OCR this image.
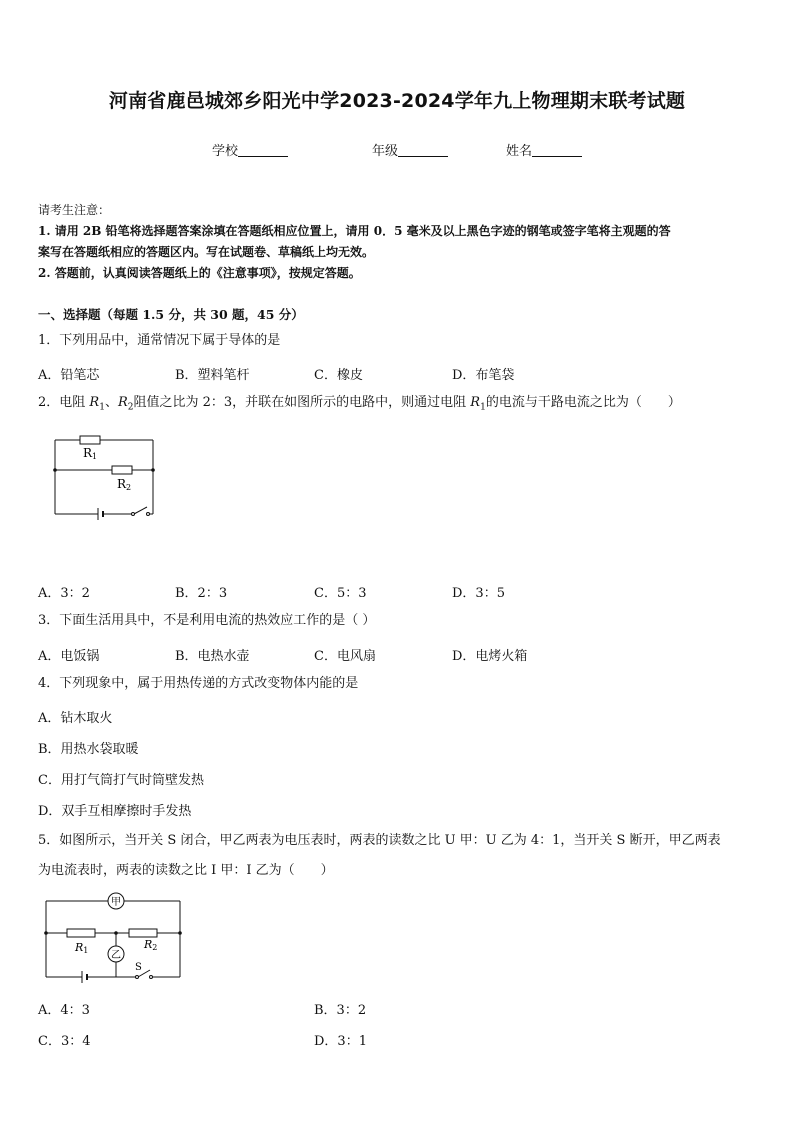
河南省鹿邑城郊乡阳光中学2023-2024学年九上物理期末联考试题
学校	年级	姓名
请考生注意：
1. 请用 2B 铅笔将选择题答案涂填在答题纸相应位置上，请用 0．5 毫米及以上黑色字迹的钢笔或签字笔将主观题的答
案写在答题纸相应的答题区内。写在试题卷、草稿纸上均无效。
2. 答题前，认真阅读答题纸上的《注意事项》，按规定答题。
一、选择题（每题 1.5 分，共 30 题，45 分）
1．下列用品中，通常情况下属于导体的是
A．铅笔芯	B．塑料笔杆	C．橡皮	D．布笔袋
2．电阻 $R_1$、$R_2$阻值之比为 2：3，并联在如图所示的电路中，则通过电阻 $R_1$的电流与干路电流之比为（　　）
R1
R2
A．3：2	B．2：3	C．5：3	D．3：5
3．下面生活用具中，不是利用电流的热效应工作的是（ ）
A．电饭锅	B．电热水壶	C．电风扇	D．电烤火箱
4．下列现象中，属于用热传递的方式改变物体内能的是
A．钻木取火
B．用热水袋取暖
C．用打气筒打气时筒壁发热
D．双手互相摩擦时手发热
5．如图所示，当开关 S 闭合，甲乙两表为电压表时，两表的读数之比 U 甲：U 乙为 4：1，当开关 S 断开，甲乙两表
为电流表时，两表的读数之比 I 甲：I 乙为（　　）
甲
乙
R1	R2
S
A．4：3	B．3：2
C．3：4	D．3：1
